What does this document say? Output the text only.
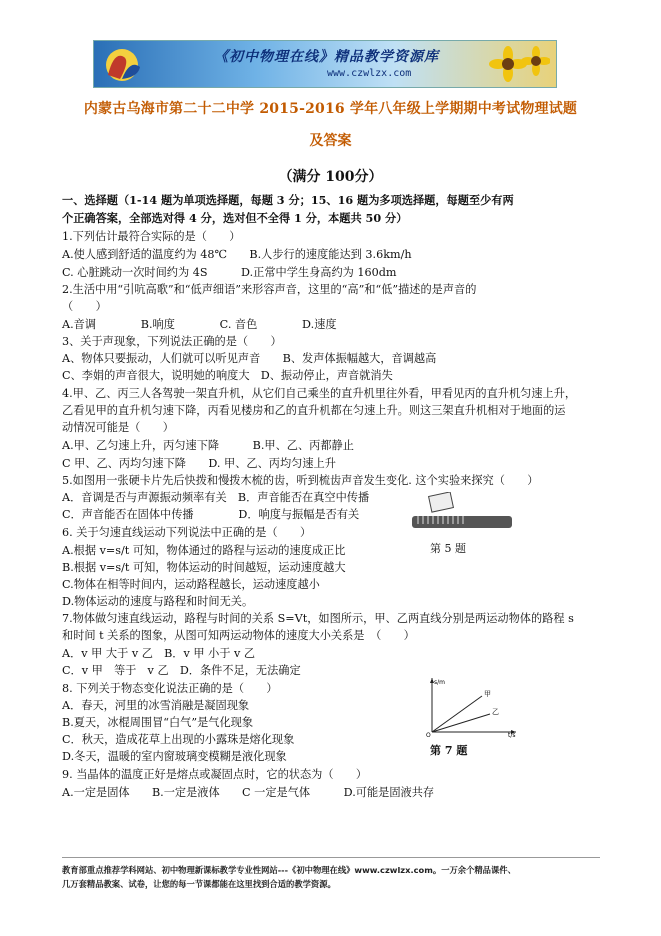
《初中物理在线》精品教学资源库
www.czwlzx.com
内蒙古乌海市第二十二中学 2015-2016 学年八年级上学期期中考试物理试题
及答案
（满分 100分）
一、选择题（1-14 题为单项选择题，每题 3 分；15、16 题为多项选择题，每题至少有两
个正确答案，全部选对得 4 分，选对但不全得 1 分，本题共 50 分）
1.下列估计最符合实际的是（　　）
A.使人感到舒适的温度约为 48℃　　B.人步行的速度能达到 3.6km/h
C. 心脏跳动一次时间约为 4S　　　D.正常中学生身高约为 160dm
2.生活中用“引吭高歌”和“低声细语”来形容声音，这里的“高”和“低”描述的是声音的
（　　）
A.音调　　　　B.响度　　　　C. 音色　　　　D.速度
3、关于声现象，下列说法正确的是（　　）
A、物体只要振动，人们就可以听见声音　　B、发声体振幅越大，音调越高
C、李娟的声音很大，说明她的响度大　D、振动停止，声音就消失
4.甲、乙、丙三人各驾驶一架直升机，从它们自己乘坐的直升机里往外看，甲看见丙的直升机匀速上升，
乙看见甲的直升机匀速下降，丙看见楼房和乙的直升机都在匀速上升。则这三架直升机相对于地面的运
动情况可能是（　　）
A.甲、乙匀速上升，丙匀速下降　　　B.甲、乙、丙都静止
C 甲、乙、丙均匀速下降　　D. 甲、乙、丙均匀速上升
5.如图用一张硬卡片先后快拨和慢拨木梳的齿，听到梳齿声音发生变化. 这个实验来探究（　　）
A．音调是否与声源振动频率有关　B．声音能否在真空中传播
C．声音能否在固体中传播　　　　D．响度与振幅是否有关
6. 关于匀速直线运动下列说法中正确的是（　　）
A.根据 v=s/t 可知，物体通过的路程与运动的速度成正比
B.根据 v=s/t 可知，物体运动的时间越短，运动速度越大
C.物体在相等时间内，运动路程越长，运动速度越小
D.物体运动的速度与路程和时间无关。
7.物体做匀速直线运动，路程与时间的关系 S=Vt，如图所示，甲、乙两直线分别是两运动物体的路程 s
和时间 t 关系的图象，从图可知两运动物体的速度大小关系是　（　　）
A．v 甲 大于 v 乙　B．v 甲 小于 v 乙
C．v 甲　等于　v 乙　D．条件不足，无法确定
8. 下列关于物态变化说法正确的是（　　）
A．春天，河里的冰雪消融是凝固现象
B.夏天，冰棍周围冒“白气”是气化现象
C．秋天，造成花草上出现的小露珠是熔化现象
D.冬天，温暖的室内窗玻璃变模糊是液化现象
9. 当晶体的温度正好是熔点或凝固点时，它的状态为（　　）
A.一定是固体　　B.一定是液体　　C 一定是气体　　　D.可能是固液共存
第 5 题
s/m
t/s
O
甲
乙
第 7 题
教育部重点推荐学科网站、初中物理新课标教学专业性网站---《初中物理在线》www.czwlzx.com。一万余个精品课件、
几万套精品教案、试卷，让您的每一节课都能在这里找到合适的教学资源。
